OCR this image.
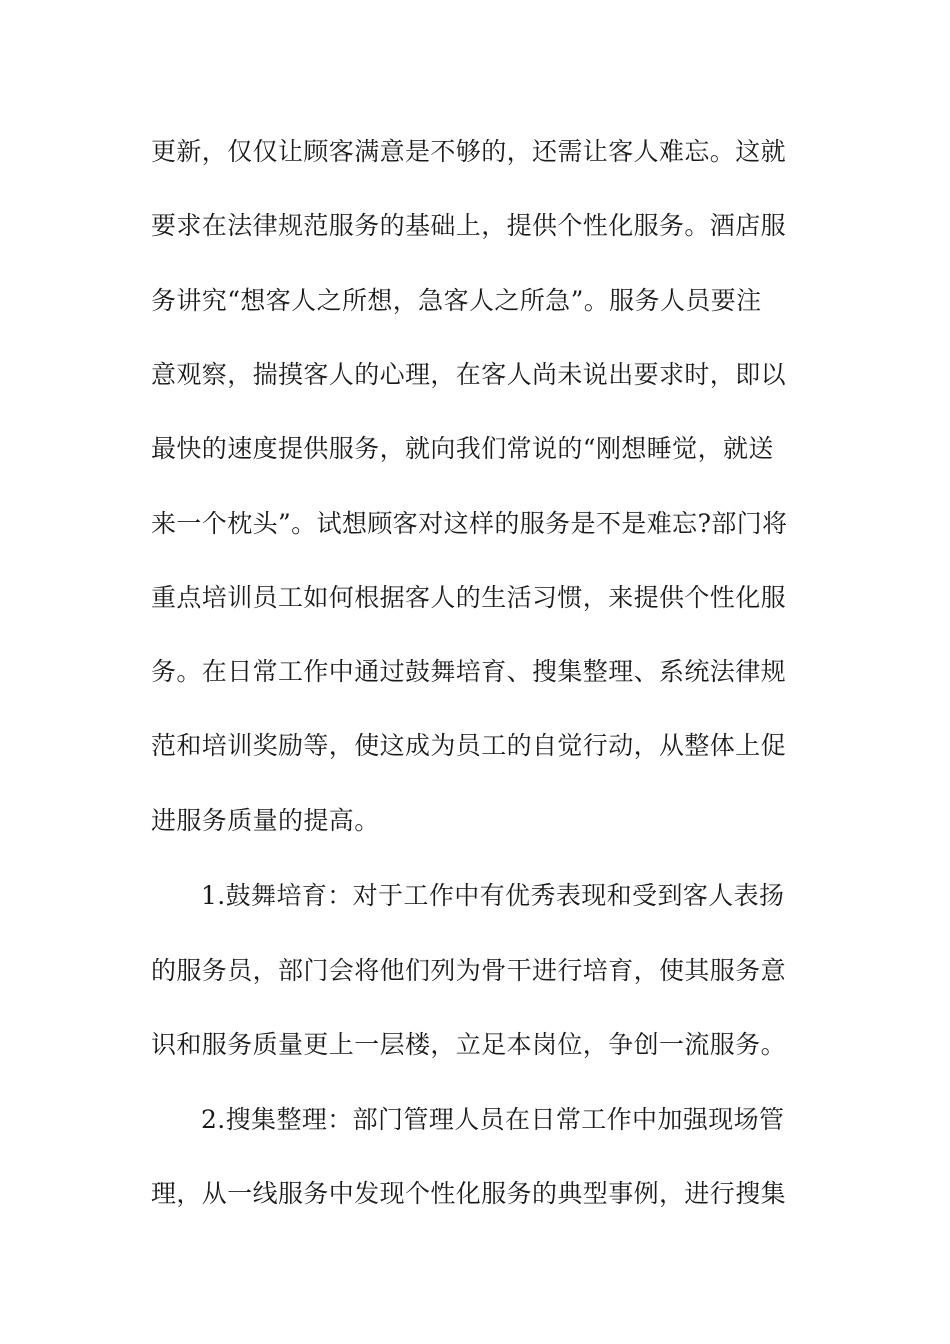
更新，仅仅让顾客满意是不够的，还需让客人难忘。这就
要求在法律规范服务的基础上，提供个性化服务。酒店服
务讲究“想客人之所想，急客人之所急”。服务人员要注
意观察，揣摸客人的心理，在客人尚未说出要求时，即以
最快的速度提供服务，就向我们常说的“刚想睡觉，就送
来一个枕头”。试想顾客对这样的服务是不是难忘?部门将
重点培训员工如何根据客人的生活习惯，来提供个性化服
务。在日常工作中通过鼓舞培育、搜集整理、系统法律规
范和培训奖励等，使这成为员工的自觉行动，从整体上促
进服务质量的提高。
1.鼓舞培育：对于工作中有优秀表现和受到客人表扬
的服务员，部门会将他们列为骨干进行培育，使其服务意
识和服务质量更上一层楼，立足本岗位，争创一流服务。
2.搜集整理：部门管理人员在日常工作中加强现场管
理，从一线服务中发现个性化服务的典型事例，进行搜集
